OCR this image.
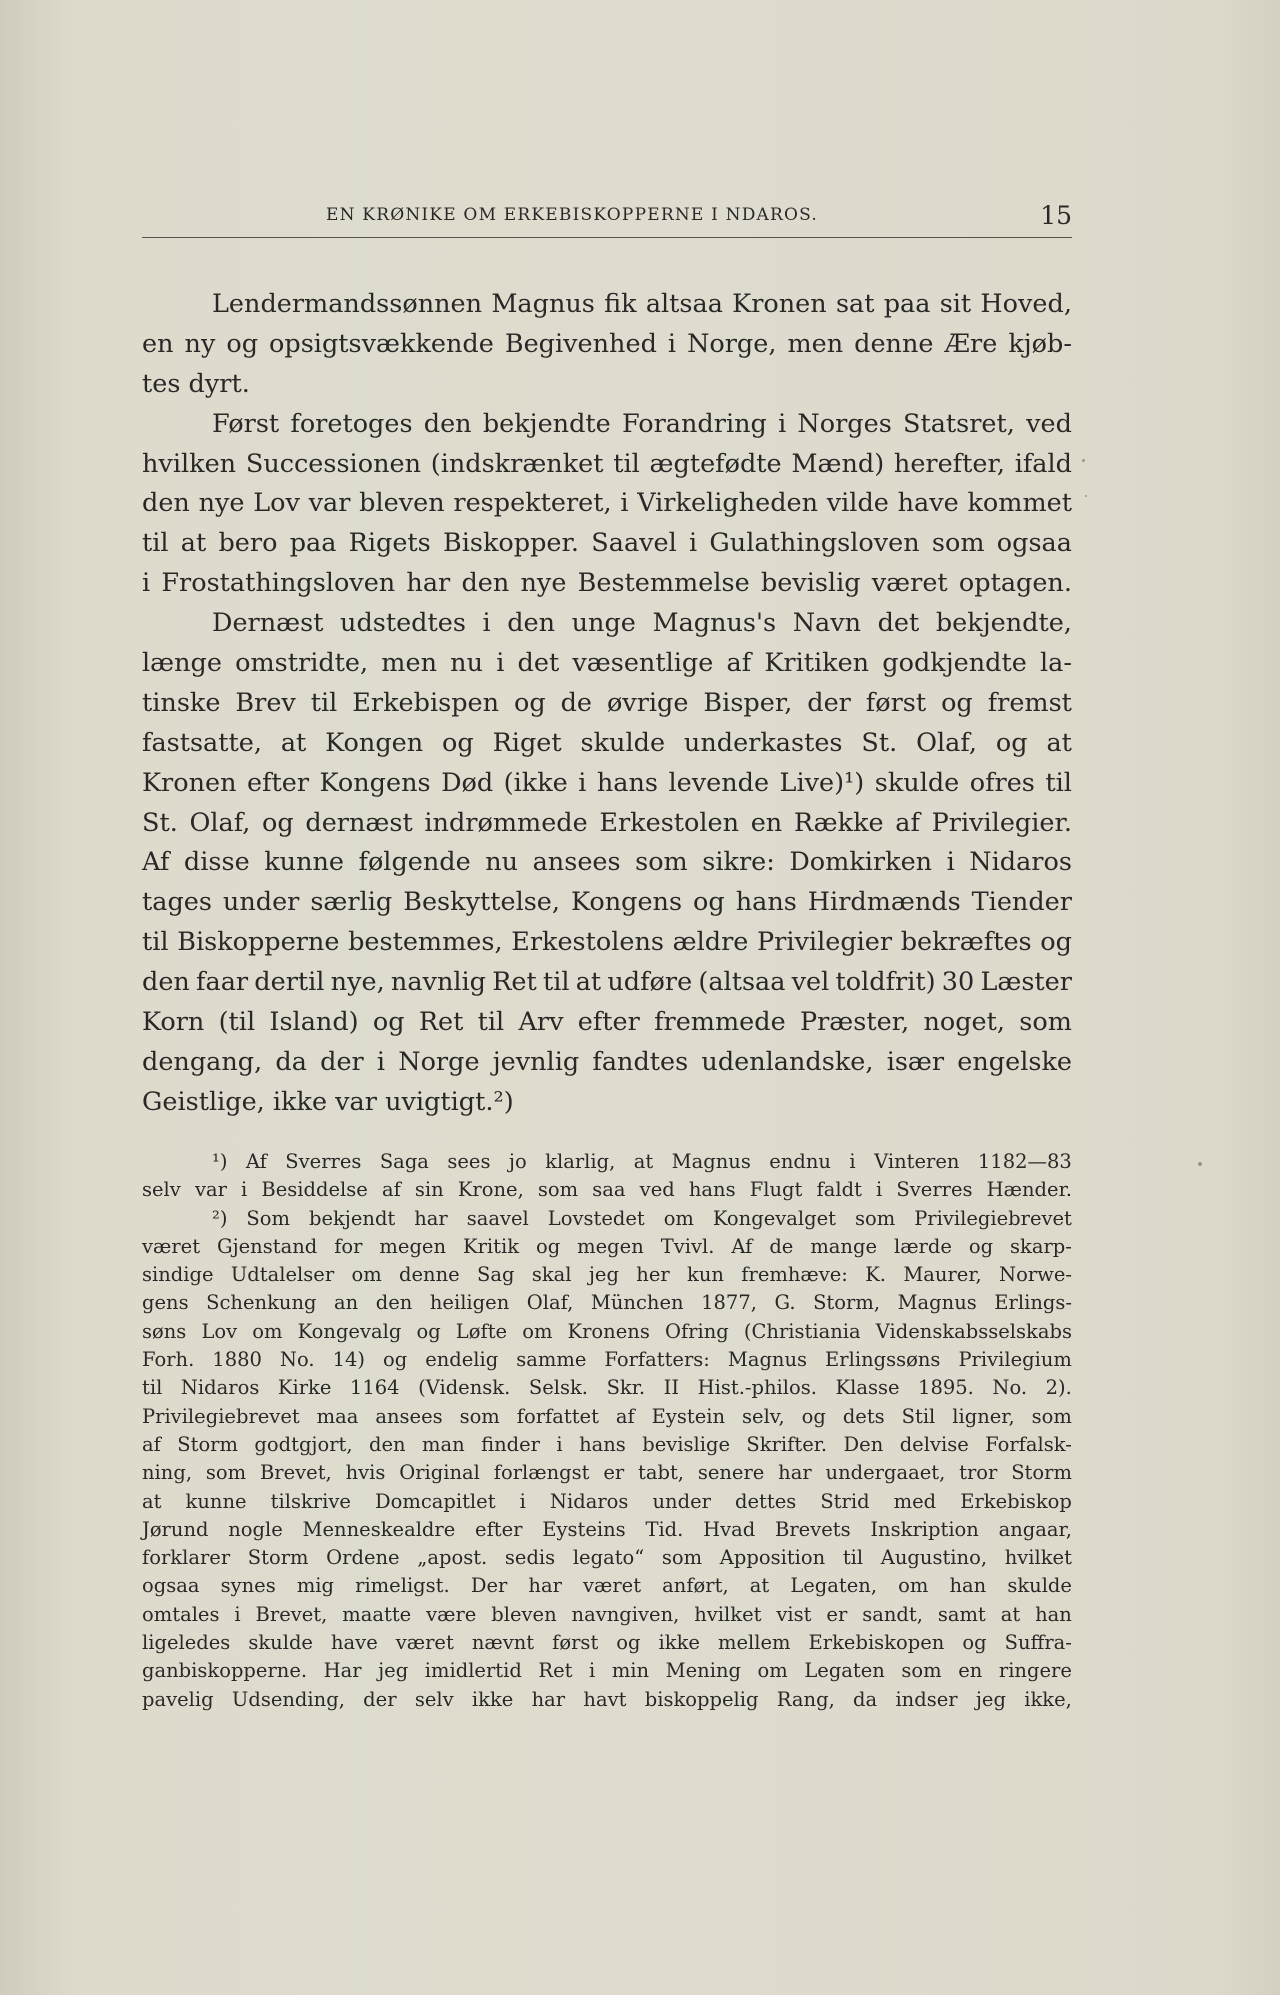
EN KRØNIKE OM ERKEBISKOPPERNE I NDAROS.	15
Lendermandssønnen Magnus fik altsaa Kronen sat paa sit Hoved,
en ny og opsigtsvækkende Begivenhed i Norge, men denne Ære kjøb-
tes
dyrt.
Først foretoges den bekjendte Forandring i Norges Statsret, ved
hvilken Successionen (indskrænket til ægtefødte Mænd) herefter, ifald
den nye Lov var bleven respekteret, i Virkeligheden vilde have kommet
til at bero paa Rigets Biskopper. Saavel i Gulathingsloven som ogsaa
i Frostathingsloven har den nye Bestemmelse bevislig været optagen.
Dernæst udstedtes i den unge Magnus's Navn det bekjendte,
længe omstridte, men nu i det væsentlige af Kritiken godkjendte la-
tinske Brev til Erkebispen og de øvrige Bisper, der først og fremst
fastsatte, at Kongen og Riget skulde underkastes St. Olaf, og at
Kronen efter Kongens Død (ikke i hans levende Live)¹) skulde ofres til
St. Olaf, og dernæst indrømmede Erkestolen en Række af Privilegier.
Af disse kunne følgende nu ansees som sikre: Domkirken i Nidaros
tages under særlig Beskyttelse, Kongens og hans Hirdmænds Tiender
til Biskopperne bestemmes, Erkestolens ældre Privilegier bekræftes og
den faar dertil nye, navnlig Ret til at udføre (altsaa vel toldfrit) 30 Læster
Korn (til Island) og Ret til Arv efter fremmede Præster, noget, som
dengang, da der i Norge jevnlig fandtes udenlandske, især engelske
Geistlige,
ikke
var
uvigtigt.²)
¹) Af Sverres Saga sees jo klarlig, at Magnus endnu i Vinteren 1182—83
selv var i Besiddelse af sin Krone, som saa ved hans Flugt faldt i Sverres Hænder.
²) Som bekjendt har saavel Lovstedet om Kongevalget som Privilegiebrevet
været Gjenstand for megen Kritik og megen Tvivl. Af de mange lærde og skarp-
sindige Udtalelser om denne Sag skal jeg her kun fremhæve: K. Maurer, Norwe-
gens Schenkung an den heiligen Olaf, München 1877, G. Storm, Magnus Erlings-
søns Lov om Kongevalg og Løfte om Kronens Ofring (Christiania Videnskabsselskabs
Forh. 1880 No. 14) og endelig samme Forfatters: Magnus Erlingssøns Privilegium
til Nidaros Kirke 1164 (Vidensk. Selsk. Skr. II Hist.-philos. Klasse 1895. No. 2).
Privilegiebrevet maa ansees som forfattet af Eystein selv, og dets Stil ligner, som
af Storm godtgjort, den man finder i hans bevislige Skrifter. Den delvise Forfalsk-
ning, som Brevet, hvis Original forlængst er tabt, senere har undergaaet, tror Storm
at kunne tilskrive Domcapitlet i Nidaros under dettes Strid med Erkebiskop
Jørund nogle Menneskealdre efter Eysteins Tid. Hvad Brevets Inskription angaar,
forklarer Storm Ordene „apost. sedis legato“ som Apposition til Augustino, hvilket
ogsaa synes mig rimeligst. Der har været anført, at Legaten, om han skulde
omtales i Brevet, maatte være bleven navngiven, hvilket vist er sandt, samt at han
ligeledes skulde have været nævnt først og ikke mellem Erkebiskopen og Suffra-
ganbiskopperne. Har jeg imidlertid Ret i min Mening om Legaten som en ringere
pavelig Udsending, der selv ikke har havt biskoppelig Rang, da indser jeg ikke,
